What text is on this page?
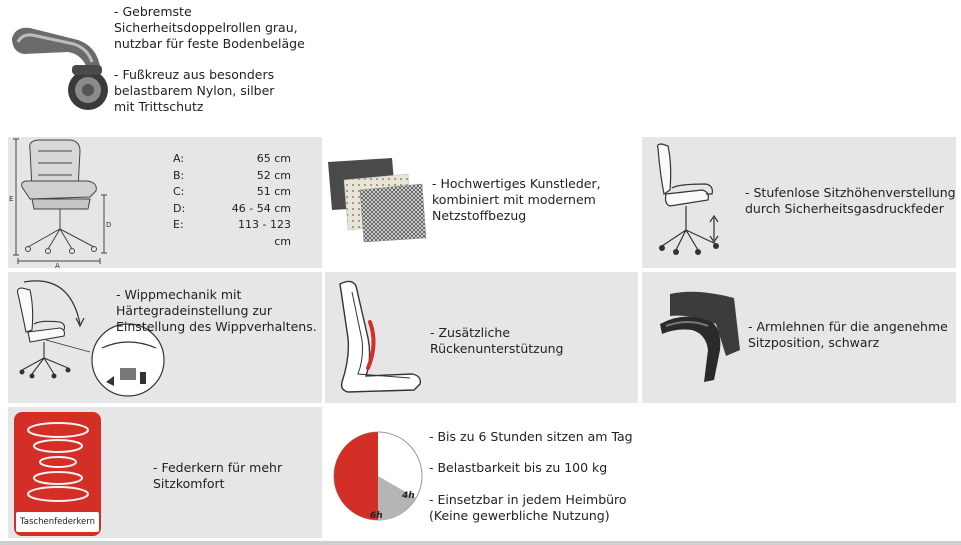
- Gebremste
Sicherheitsdoppelrollen grau,
nutzbar für feste Bodenbeläge
- Fußkreuz aus besonders
belastbarem Nylon, silber
mit Trittschutz
E
D
A
A:	65 cm
B:	52 cm
C:	51 cm
D:	46 - 54 cm
E:	113 - 123 cm
- Hochwertiges Kunstleder,
kombiniert mit modernem
Netzstoffbezug
- Stufenlose Sitzhöhenverstellung
durch Sicherheitsgasdruckfeder
- Wippmechanik mit
Härtegradeinstellung zur
Einstellung des Wippverhaltens.	- Zusätzliche
Rückenunterstützung
- Armlehnen für die angenehme
Sitzposition, schwarz
Taschenfederkern
- Federkern für mehr
Sitzkomfort
4h
6h
- Bis zu 6 Stunden sitzen am Tag
- Belastbarkeit bis zu 100 kg
- Einsetzbar in jedem Heimbüro
(Keine gewerbliche Nutzung)
